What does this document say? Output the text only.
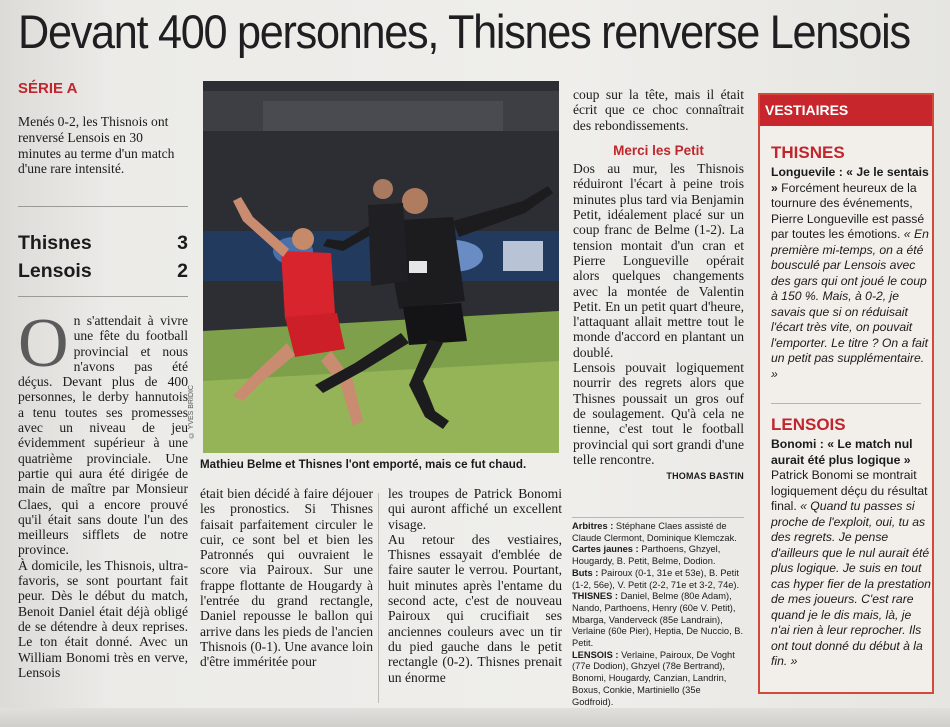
Devant 400 personnes, Thisnes renverse Lensois
SÉRIE A
Menés 0-2, les Thisnois ont renversé Lensois en 30 minutes au terme d'un match d'une rare intensité.
Thisnes	3
Lensois	2
O n s'attendait à vivre une fête du football provincial et nous n'avons pas été déçus. Devant plus de 400 personnes, le derby hannutois a tenu toutes ses promesses avec un niveau de jeu évidemment supérieur à une quatrième provinciale. Une partie qui aura été dirigée de main de maître par Monsieur Claes, qui a encore prouvé qu'il était sans doute l'un des meilleurs sifflets de notre province.

À domicile, les Thisnois, ultra-favoris, se sont pourtant fait peur. Dès le début du match, Benoit Daniel était déjà obligé de se détendre à deux reprises. Le ton était donné. Avec un William Bonomi très en verve, Lensois

© YVES BRIDIC
Mathieu Belme et Thisnes l'ont emporté, mais ce fut chaud.

était bien décidé à faire déjouer les pronostics. Si Thisnes faisait parfaitement circuler le cuir, ce sont bel et bien les Patronnés qui ouvraient le score via Pairoux. Sur une frappe flottante de Hougardy à l'entrée du grand rectangle, Daniel repousse le ballon qui arrive dans les pieds de l'ancien Thisnois (0-1). Une avance loin d'être imméritée pour

les troupes de Patrick Bonomi qui auront affiché un excellent visage.

Au retour des vestiaires, Thisnes essayait d'emblée de faire sauter le verrou. Pourtant, huit minutes après l'entame du second acte, c'est de nouveau Pairoux qui crucifiait ses anciennes couleurs avec un tir du pied gauche dans le petit rectangle (0-2). Thisnes prenait un énorme

coup sur la tête, mais il était écrit que ce choc connaîtrait des rebondissements.

Merci les Petit

Dos au mur, les Thisnois réduiront l'écart à peine trois minutes plus tard via Benjamin Petit, idéalement placé sur un coup franc de Belme (1-2). La tension montait d'un cran et Pierre Longueville opérait alors quelques changements avec la montée de Valentin Petit. En un petit quart d'heure, l'attaquant allait mettre tout le monde d'accord en plantant un doublé.

Lensois pouvait logiquement nourrir des regrets alors que Thisnes poussait un gros ouf de soulagement. Qu'à cela ne tienne, c'est tout le football provincial qui sort grandi d'une telle rencontre.

THOMAS BASTIN

Arbitres : Stéphane Claes assisté de Claude Clermont, Dominique Klemczak.

Cartes jaunes : Parthoens, Ghzyel, Hougardy, B. Petit, Belme, Dodion.

Buts : Pairoux (0-1, 31e et 53e), B. Petit (1-2, 56e), V. Petit (2-2, 71e et 3-2, 74e).

THISNES : Daniel, Belme (80e Adam), Nando, Parthoens, Henry (60e V. Petit), Mbarga, Vanderveck (85e Landrain), Verlaine (60e Pier), Heptia, De Nuccio, B. Petit.

LENSOIS : Verlaine, Pairoux, De Voght (77e Dodion), Ghzyel (78e Bertrand), Bonomi, Hougardy, Canzian, Landrin, Boxus, Conkie, Martiniello (35e Godfroid).

VESTIAIRES
THISNES
Longuevile : « Je le sentais » Forcément heureux de la tournure des événements, Pierre Longueville est passé par toutes les émotions. « En première mi-temps, on a été bousculé par Lensois avec des gars qui ont joué le coup à 150 %. Mais, à 0-2, je savais que si on réduisait l'écart très vite, on pouvait l'emporter. Le titre ? On a fait un petit pas supplémentaire. »
LENSOIS
Bonomi : « Le match nul aurait été plus logique » Patrick Bonomi se montrait logiquement déçu du résultat final. « Quand tu passes si proche de l'exploit, oui, tu as des regrets. Je pense d'ailleurs que le nul aurait été plus logique. Je suis en tout cas hyper fier de la prestation de mes joueurs. C'est rare quand je le dis mais, là, je n'ai rien à leur reprocher. Ils ont tout donné du début à la fin. »
